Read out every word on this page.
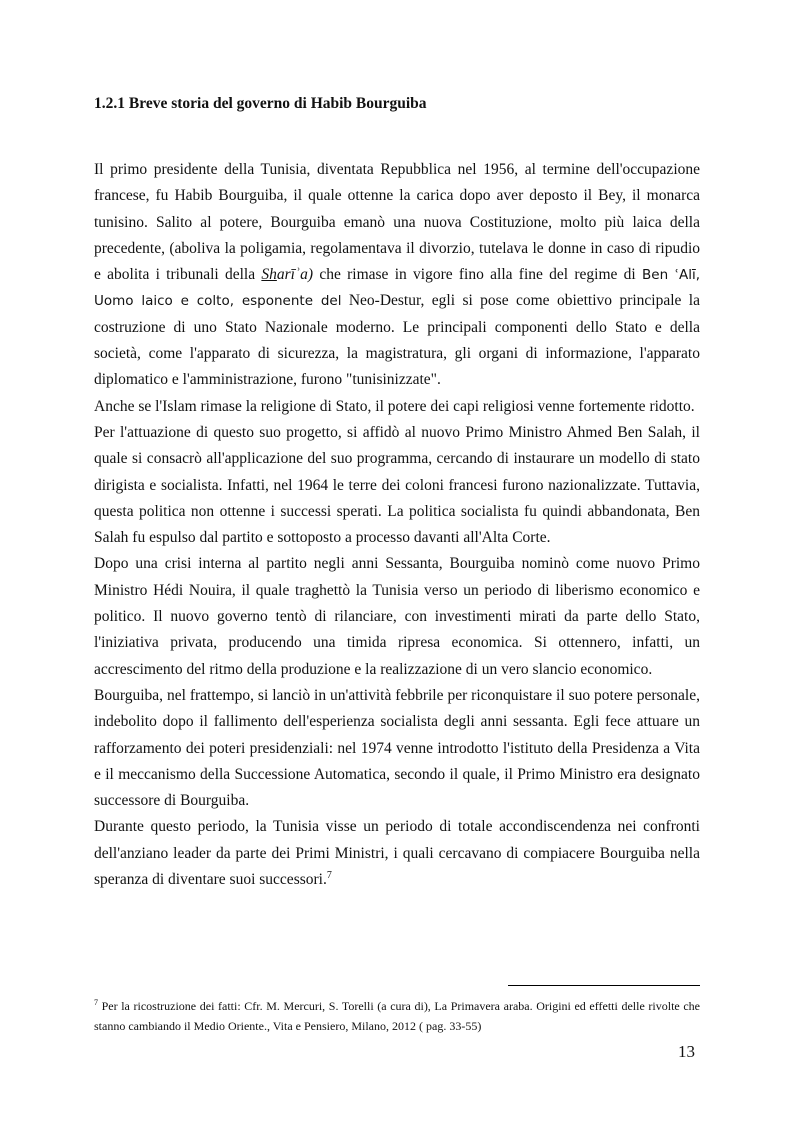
1.2.1 Breve storia del governo di Habib Bourguiba

Il primo presidente della Tunisia, diventata Repubblica nel 1956, al termine dell'occupazione francese, fu Habib Bourguiba, il quale ottenne la carica dopo aver deposto il Bey, il monarca tunisino. Salito al potere, Bourguiba emanò una nuova Costituzione, molto più laica della precedente, (aboliva la poligamia, regolamentava il divorzio, tutelava le donne in caso di ripudio e abolita i tribunali della Sharīʾa) che rimase in vigore fino alla fine del regime di Ben ʿAlī, Uomo laico e colto, esponente del Neo-Destur, egli si pose come obiettivo principale la costruzione di uno Stato Nazionale moderno. Le principali componenti dello Stato e della società, come l'apparato di sicurezza, la magistratura, gli organi di informazione, l'apparato diplomatico e l'amministrazione, furono "tunisinizzate".

Anche se l'Islam rimase la religione di Stato, il potere dei capi religiosi venne fortemente ridotto.

Per l'attuazione di questo suo progetto, si affidò al nuovo Primo Ministro Ahmed Ben Salah, il quale si consacrò all'applicazione del suo programma, cercando di instaurare un modello di stato dirigista e socialista. Infatti, nel 1964 le terre dei coloni francesi furono nazionalizzate. Tuttavia, questa politica non ottenne i successi sperati. La politica socialista fu quindi abbandonata, Ben Salah fu espulso dal partito e sottoposto a processo davanti all'Alta Corte.

Dopo una crisi interna al partito negli anni Sessanta, Bourguiba nominò come nuovo Primo Ministro Hédi Nouira, il quale traghettò la Tunisia verso un periodo di liberismo economico e politico. Il nuovo governo tentò di rilanciare, con investimenti mirati da parte dello Stato, l'iniziativa privata, producendo una timida ripresa economica. Si ottennero, infatti, un accrescimento del ritmo della produzione e la realizzazione di un vero slancio economico.

Bourguiba, nel frattempo, si lanciò in un'attività febbrile per riconquistare il suo potere personale, indebolito dopo il fallimento dell'esperienza socialista degli anni sessanta. Egli fece attuare un rafforzamento dei poteri presidenziali: nel 1974 venne introdotto l'istituto della Presidenza a Vita e il meccanismo della Successione Automatica, secondo il quale, il Primo Ministro era designato successore di Bourguiba.

Durante questo periodo, la Tunisia visse un periodo di totale accondiscendenza nei confronti dell'anziano leader da parte dei Primi Ministri, i quali cercavano di compiacere Bourguiba nella speranza di diventare suoi successori.$^7$

$^7$ Per la ricostruzione dei fatti: Cfr. M. Mercuri, S. Torelli (a cura di), La Primavera araba. Origini ed effetti delle rivolte che stanno cambiando il Medio Oriente., Vita e Pensiero, Milano, 2012 ( pag. 33-55)

13
